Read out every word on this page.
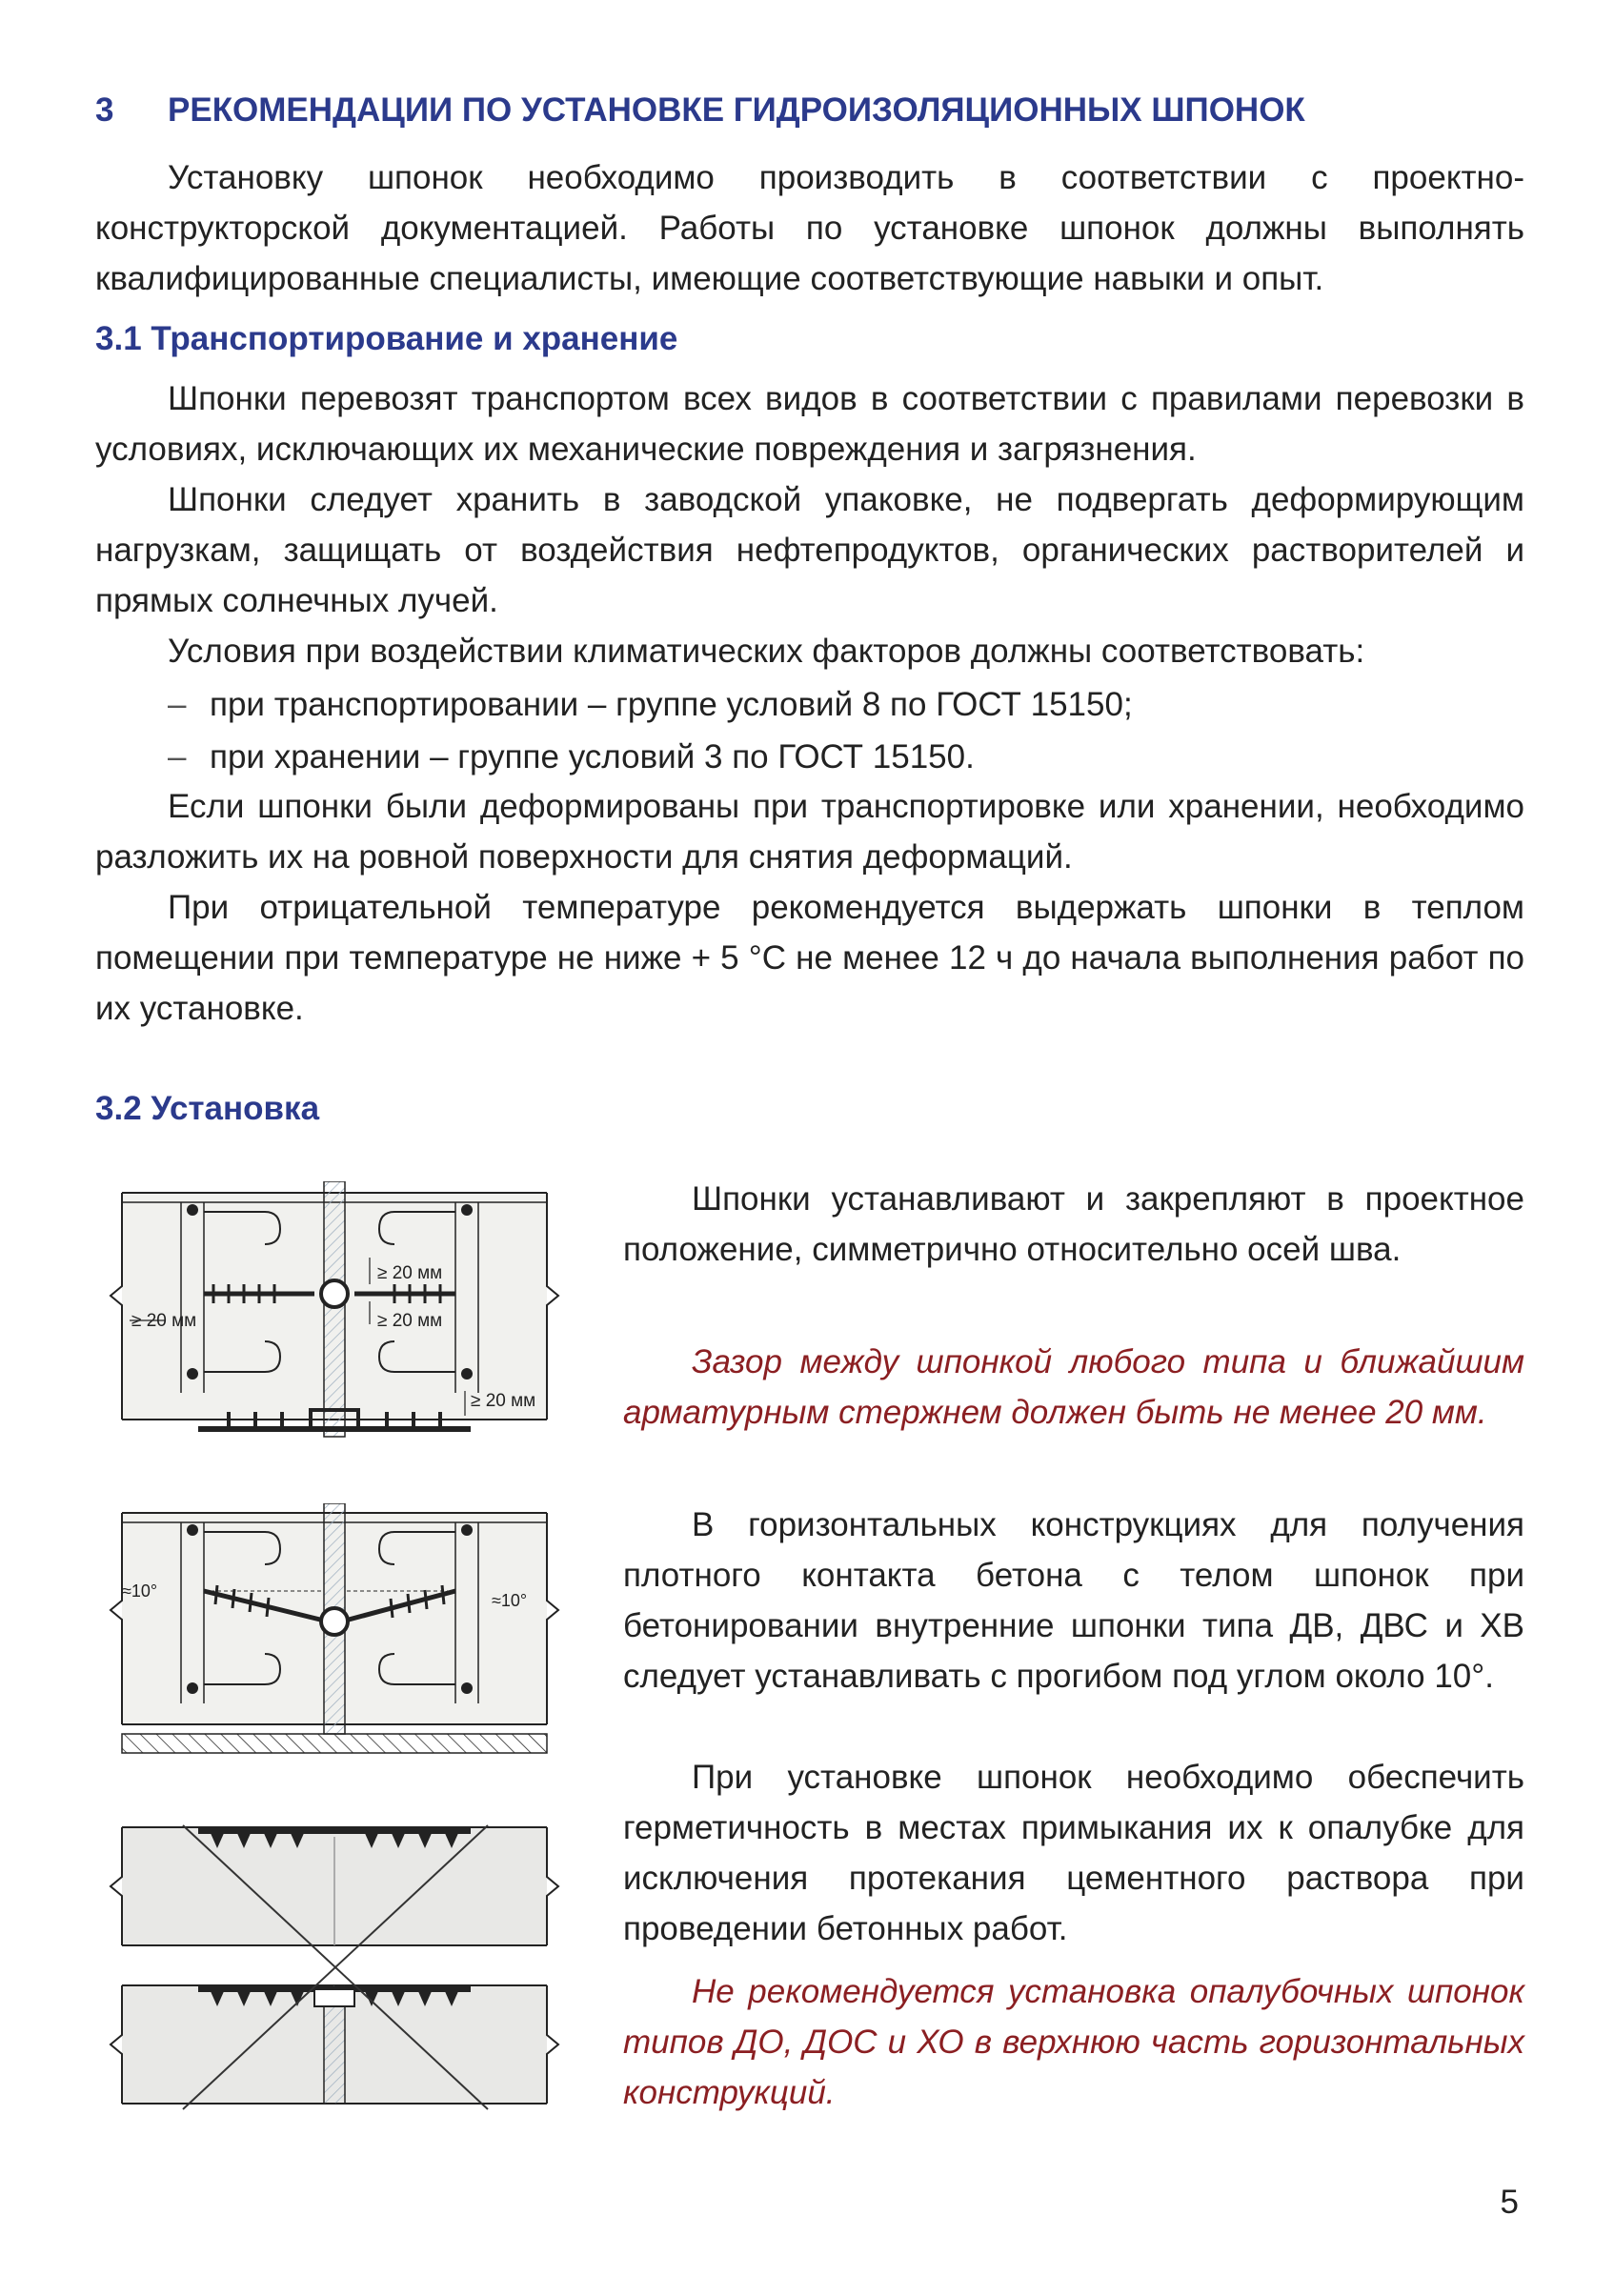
3 РЕКОМЕНДАЦИИ ПО УСТАНОВКЕ ГИДРОИЗОЛЯЦИОННЫХ ШПОНОК

Установку шпонок необходимо производить в соответствии с проектно-конструкторской документацией. Работы по установке шпонок должны выполнять квалифицированные специалисты, имеющие соответствующие навыки и опыт.

3.1 Транспортирование и хранение

Шпонки перевозят транспортом всех видов в соответствии с правилами перевозки в условиях, исключающих их механические повреждения и загрязнения.

Шпонки следует хранить в заводской упаковке, не подвергать деформирующим нагрузкам, защищать от воздействия нефтепродуктов, органических растворителей и прямых солнечных лучей.

Условия при воздействии климатических факторов должны соответствовать:

– при транспортировании – группе условий 8 по ГОСТ 15150;
– при хранении – группе условий 3 по ГОСТ 15150.

Если шпонки были деформированы при транспортировке или хранении, необходимо разложить их на ровной поверхности для снятия деформаций.

При отрицательной температуре рекомендуется выдержать шпонки в теплом помещении при температуре не ниже + 5 °С не менее 12 ч до начала выполнения работ по их установке.

3.2 Установка

Шпонки устанавливают и закрепляют в проектное положение, симметрично относительно осей шва.

Зазор между шпонкой любого типа и ближайшим арматурным стержнем должен быть не менее 20 мм.

В горизонтальных конструкциях для получения плотного контакта бетона с телом шпонок при бетонировании внутренние шпонки типа ДВ, ДВС и ХВ следует устанавливать с прогибом под углом около 10°.

При установке шпонок необходимо обеспечить герметичность в местах примыкания их к опалубке для исключения протекания цементного раствора при проведении бетонных работ.

Не рекомендуется установка опалубочных шпонок типов ДО, ДОС и ХО в верхнюю часть горизонтальных конструкций.

≥ 20 мм
≥ 20 мм
≥ 20 мм
≥ 20 мм
≈10°	≈10°
5
